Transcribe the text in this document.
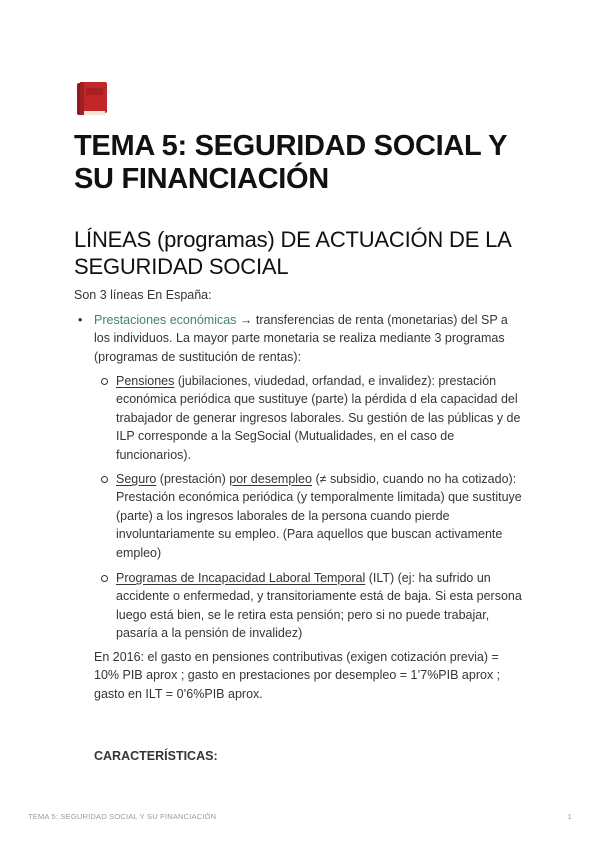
TEMA 5: SEGURIDAD SOCIAL Y SU FINANCIACIÓN
LÍNEAS (programas) DE ACTUACIÓN DE LA SEGURIDAD SOCIAL

Son 3 líneas En España:

• Prestaciones económicas → transferencias de renta (monetarias) del SP a los individuos. La mayor parte monetaria se realiza mediante 3 programas (programas de sustitución de rentas):

Pensiones (jubilaciones, viudedad, orfandad, e invalidez): prestación económica periódica que sustituye (parte) la pérdida d ela capacidad del trabajador de generar ingresos laborales. Su gestión de las públicas y de ILP corresponde a la SegSocial (Mutualidades, en el caso de funcionarios).

Seguro (prestación) por desempleo (≠ subsidio, cuando no ha cotizado): Prestación económica periódica (y temporalmente limitada) que sustituye (parte) a los ingresos laborales de la persona cuando pierde involuntariamente su empleo. (Para aquellos que buscan activamente empleo)

Programas de Incapacidad Laboral Temporal (ILT) (ej: ha sufrido un accidente o enfermedad, y transitoriamente está de baja. Si esta persona luego está bien, se le retira esta pensión; pero si no puede trabajar, pasaría a la pensión de invalidez)

En 2016: el gasto en pensiones contributivas (exigen cotización previa) = 10% PIB aprox ; gasto en prestaciones por desempleo = 1’7%PIB aprox ; gasto en ILT = 0’6%PIB aprox.

CARACTERÍSTICAS:

TEMA 5: SEGURIDAD SOCIAL Y SU FINANCIACIÓN	1
